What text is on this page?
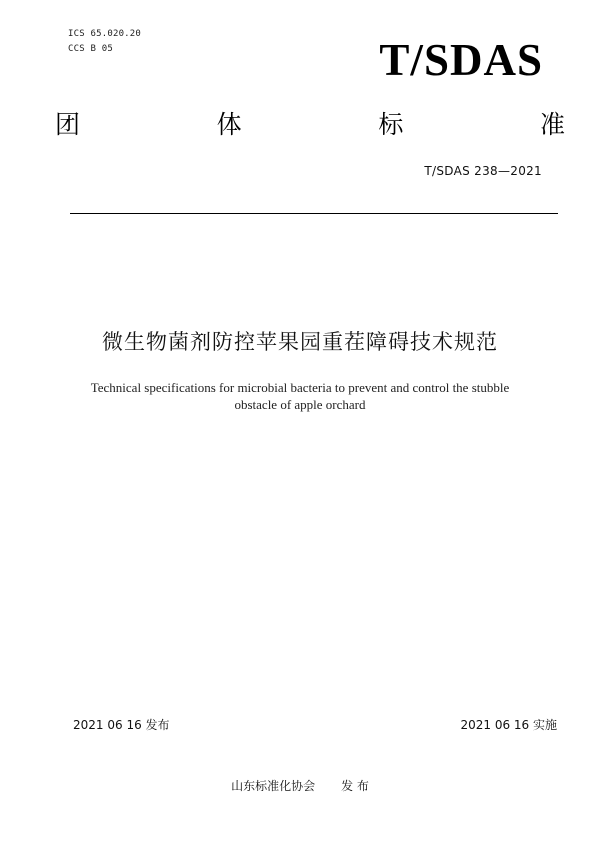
ICS 65.020.20
CCS B 05	T/SDAS
团	体	标	准
T/SDAS 238—2021
微生物菌剂防控苹果园重茬障碍技术规范
Technical specifications for microbial bacteria to prevent and control the stubble
obstacle of apple orchard
2021 06 16 发布	2021 06 16 实施
山东标准化协会 发 布
